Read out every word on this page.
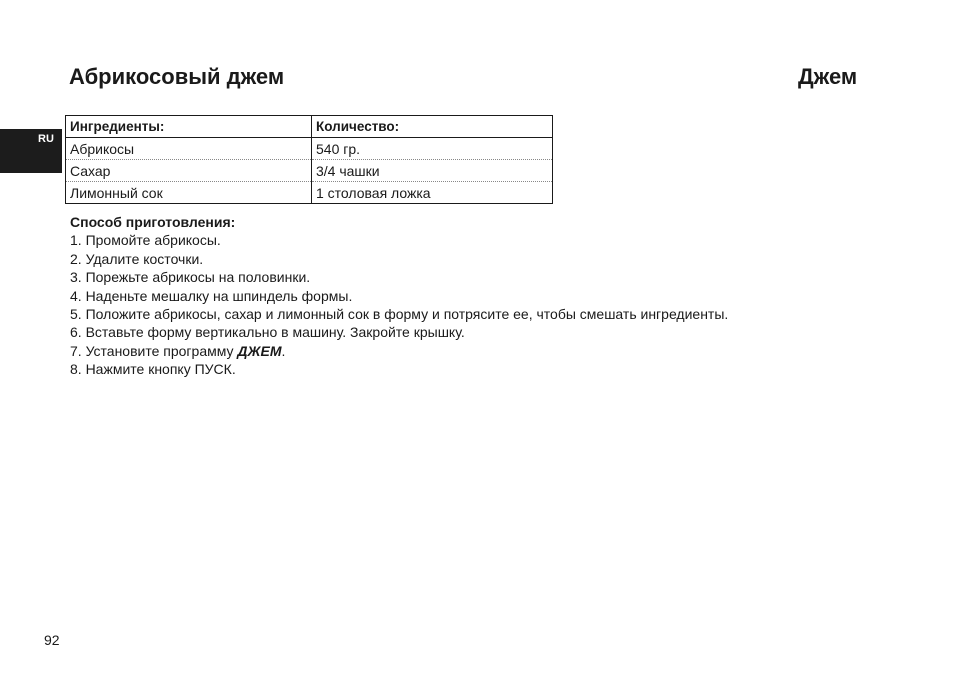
Абрикосовый джем	Джем
RU
Ингредиенты:	Количество:
Абрикосы	540 гр.
Сахар	3/4 чашки
Лимонный сок	1 столовая ложка

Способ приготовления:

1. Промойте абрикосы.
2. Удалите косточки.
3. Порежьте абрикосы на половинки.
4. Наденьте мешалку на шпиндель формы.
5. Положите абрикосы, сахар и лимонный сок в форму и потрясите ее, чтобы смешать ингредиенты.
6. Вставьте форму вертикально в машину. Закройте крышку.
7. Установите программу ДЖЕМ.
8. Нажмите кнопку ПУСК.
92
